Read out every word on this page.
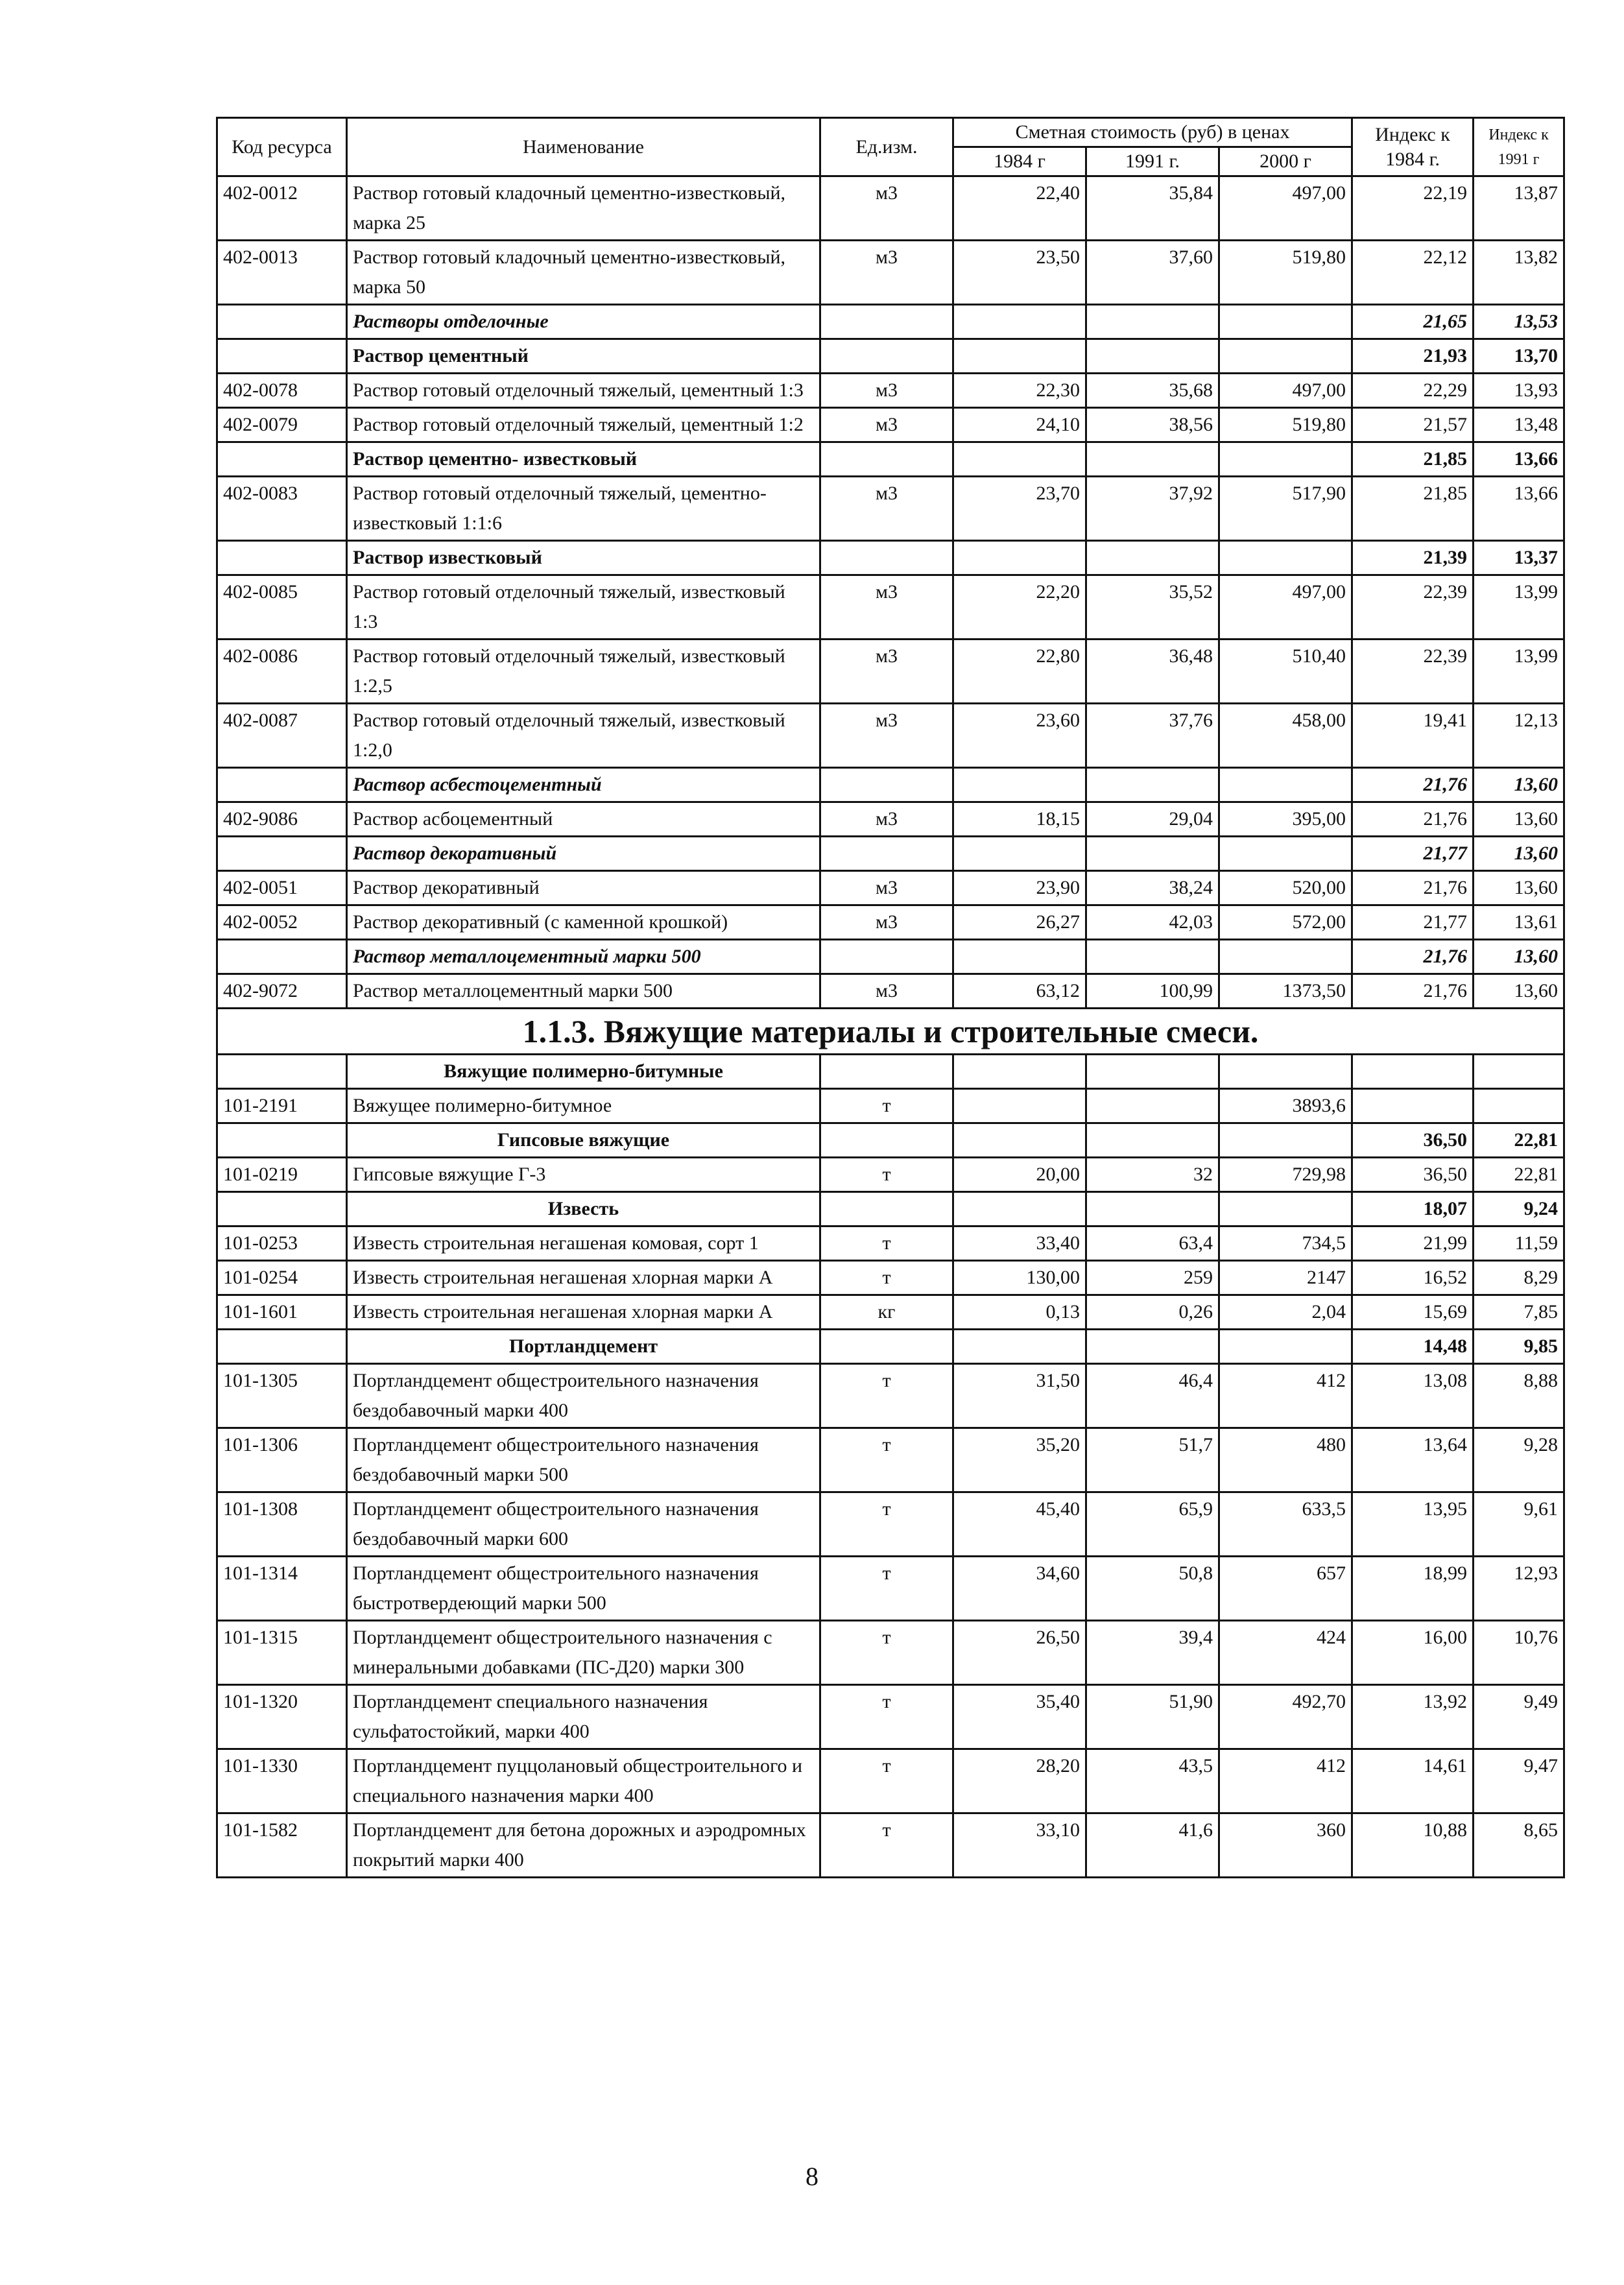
Код ресурса	Наименование	Ед.изм.	Сметная стоимость (руб) в ценах			Индекс к 1984 г.	Индекс к 1991 г
			1984 г	1991 г.	2000 г		
402-0012	Раствор готовый кладочный цементно-известковый, марка 25	м3	22,40	35,84	497,00	22,19	13,87
402-0013	Раствор готовый кладочный цементно-известковый, марка 50	м3	23,50	37,60	519,80	22,12	13,82
	Растворы отделочные					21,65	13,53
	Раствор цементный					21,93	13,70
402-0078	Раствор готовый отделочный тяжелый, цементный 1:3	м3	22,30	35,68	497,00	22,29	13,93
402-0079	Раствор готовый отделочный тяжелый, цементный 1:2	м3	24,10	38,56	519,80	21,57	13,48
	Раствор цементно- известковый					21,85	13,66
402-0083	Раствор готовый отделочный тяжелый, цементно-известковый 1:1:6	м3	23,70	37,92	517,90	21,85	13,66
	Раствор известковый					21,39	13,37
402-0085	Раствор готовый отделочный тяжелый, известковый 1:3	м3	22,20	35,52	497,00	22,39	13,99
402-0086	Раствор готовый отделочный тяжелый, известковый 1:2,5	м3	22,80	36,48	510,40	22,39	13,99
402-0087	Раствор готовый отделочный тяжелый, известковый 1:2,0	м3	23,60	37,76	458,00	19,41	12,13
	Раствор асбестоцементный					21,76	13,60
402-9086	Раствор асбоцементный	м3	18,15	29,04	395,00	21,76	13,60
	Раствор декоративный					21,77	13,60
402-0051	Раствор декоративный	м3	23,90	38,24	520,00	21,76	13,60
402-0052	Раствор декоративный (с каменной крошкой)	м3	26,27	42,03	572,00	21,77	13,61
	Раствор металлоцементный марки 500					21,76	13,60
402-9072	Раствор металлоцементный марки 500	м3	63,12	100,99	1373,50	21,76	13,60
1.1.3. Вяжущие материалы и строительные смеси.							
	Вяжущие полимерно-битумные						
101-2191	Вяжущее полимерно-битумное	т			3893,6		
	Гипсовые вяжущие					36,50	22,81
101-0219	Гипсовые вяжущие Г-3	т	20,00	32	729,98	36,50	22,81
	Известь					18,07	9,24
101-0253	Известь строительная негашеная комовая, сорт 1	т	33,40	63,4	734,5	21,99	11,59
101-0254	Известь строительная негашеная хлорная марки А	т	130,00	259	2147	16,52	8,29
101-1601	Известь строительная негашеная хлорная марки А	кг	0,13	0,26	2,04	15,69	7,85
	Портландцемент					14,48	9,85
101-1305	Портландцемент общестроительного назначения бездобавочный марки 400	т	31,50	46,4	412	13,08	8,88
101-1306	Портландцемент общестроительного назначения бездобавочный марки 500	т	35,20	51,7	480	13,64	9,28
101-1308	Портландцемент общестроительного назначения бездобавочный марки 600	т	45,40	65,9	633,5	13,95	9,61
101-1314	Портландцемент общестроительного назначения быстротвердеющий марки 500	т	34,60	50,8	657	18,99	12,93
101-1315	Портландцемент общестроительного назначения с минеральными добавками (ПС-Д20) марки 300	т	26,50	39,4	424	16,00	10,76
101-1320	Портландцемент специального назначения сульфатостойкий, марки 400	т	35,40	51,90	492,70	13,92	9,49
101-1330	Портландцемент пуццолановый общестроительного и специального назначения марки 400	т	28,20	43,5	412	14,61	9,47
101-1582	Портландцемент для бетона дорожных и аэродромных покрытий марки 400	т	33,10	41,6	360	10,88	8,65
8
